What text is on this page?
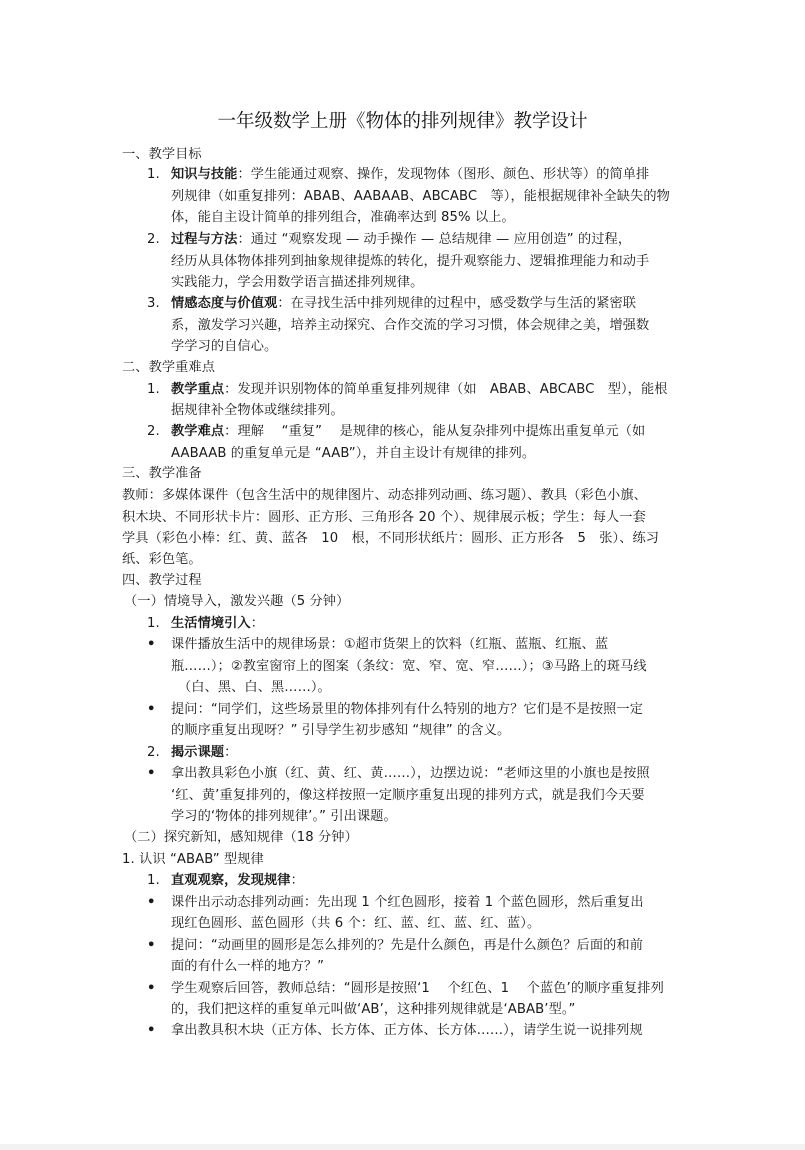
一年级数学上册《物体的排列规律》教学设计
一、教学目标
1. 知识与技能：学生能通过观察、操作，发现物体（图形、颜色、形状等）的简单排
列规律（如重复排列：ABAB、AABAAB、ABCABC　等），能根据规律补全缺失的物
体，能自主设计简单的排列组合，准确率达到 85% 以上。
2. 过程与方法：通过 “观察发现 — 动手操作 — 总结规律 — 应用创造” 的过程，
经历从具体物体排列到抽象规律提炼的转化，提升观察能力、逻辑推理能力和动手
实践能力，学会用数学语言描述排列规律。
3. 情感态度与价值观：在寻找生活中排列规律的过程中，感受数学与生活的紧密联
系，激发学习兴趣，培养主动探究、合作交流的学习习惯，体会规律之美，增强数
学学习的自信心。
二、教学重难点
1. 教学重点：发现并识别物体的简单重复排列规律（如　ABAB、ABCABC　型），能根
据规律补全物体或继续排列。
2. 教学难点：理解　 “重复”　 是规律的核心，能从复杂排列中提炼出重复单元（如
AABAAB 的重复单元是 “AAB”），并自主设计有规律的排列。
三、教学准备
教师：多媒体课件（包含生活中的规律图片、动态排列动画、练习题）、教具（彩色小旗、
积木块、不同形状卡片：圆形、正方形、三角形各 20 个）、规律展示板；学生：每人一套
学具（彩色小棒：红、黄、蓝各　10　根，不同形状纸片：圆形、正方形各　5　张）、练习
纸、彩色笔。
四、教学过程
（一）情境导入，激发兴趣（5 分钟）
1. 生活情境引入：
• 课件播放生活中的规律场景：①超市货架上的饮料（红瓶、蓝瓶、红瓶、蓝
瓶……）；②教室窗帘上的图案（条纹：宽、窄、宽、窄……）；③马路上的斑马线
（白、黑、白、黑……）。
• 提问：“同学们，这些场景里的物体排列有什么特别的地方？它们是不是按照一定
的顺序重复出现呀？” 引导学生初步感知 “规律” 的含义。
2. 揭示课题：
• 拿出教具彩色小旗（红、黄、红、黄……），边摆边说：“老师这里的小旗也是按照
‘红、黄’重复排列的，像这样按照一定顺序重复出现的排列方式，就是我们今天要
学习的‘物体的排列规律’。” 引出课题。
（二）探究新知，感知规律（18 分钟）
1. 认识 “ABAB” 型规律
1. 直观观察，发现规律：
• 课件出示动态排列动画：先出现 1 个红色圆形，接着 1 个蓝色圆形，然后重复出
现红色圆形、蓝色圆形（共 6 个：红、蓝、红、蓝、红、蓝）。
• 提问：“动画里的圆形是怎么排列的？先是什么颜色，再是什么颜色？后面的和前
面的有什么一样的地方？”
• 学生观察后回答，教师总结：“圆形是按照‘1　 个红色、1　 个蓝色’的顺序重复排列
的，我们把这样的重复单元叫做‘AB’，这种排列规律就是‘ABAB’型。”
• 拿出教具积木块（正方体、长方体、正方体、长方体……），请学生说一说排列规
